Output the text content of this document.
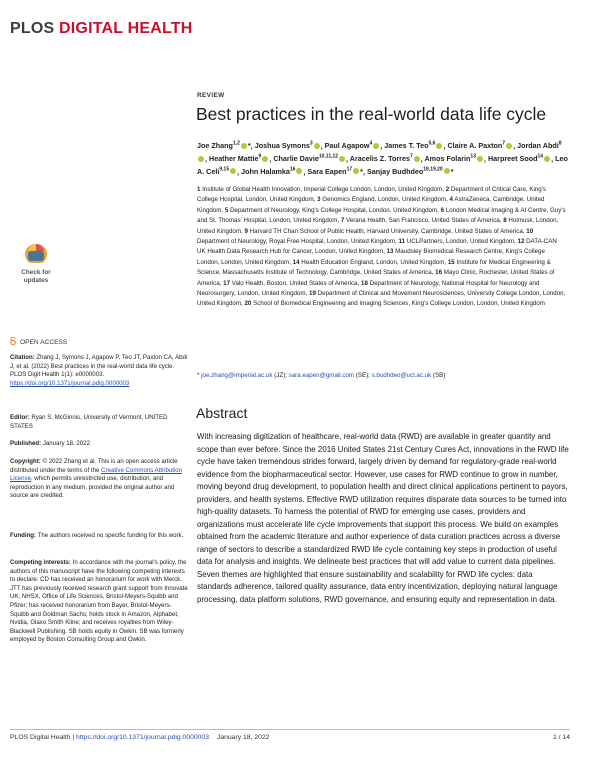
PLOS DIGITAL HEALTH
REVIEW
Best practices in the real-world data life cycle
Joe Zhang$^{1,2}$ *, Joshua Symons$^3$ , Paul Agapow$^4$ , James T. Teo$^{5,6}$ , Claire A. Paxton$^7$ , Jordan Abdi$^8$, Heather Mattie$^9$ , Charlie Davie$^{10,11,12}$ , Aracelis Z. Torres$^7$ , Amos Folarin$^{13}$ , Harpreet Sood$^{14}$ , Leo A. Celi$^{9,15}$ , John Halamka$^{16}$ , Sara Eapen$^{17}$ *, Sanjay Budhdeo$^{18,19,20}$ *
1 Institute of Global Health Innovation, Imperial College London, London, United Kingdom, 2 Department of Critical Care, King's College Hospital, London, United Kingdom, 3 Genomics England, London, United Kingdom, 4 AstraZeneca, Cambridge, United Kingdom, 5 Department of Neurology, King's College Hospital, London, United Kingdom, 6 London Medical Imaging & AI Centre, Guy's and St. Thomas' Hospital, London, United Kingdom, 7 Verana Health, San Francisco, United States of America, 8 Holmusk, London, United Kingdom, 9 Harvard TH Chan School of Public Health, Harvard University, Cambridge, United States of America, 10 Department of Neurology, Royal Free Hospital, London, United Kingdom, 11 UCLPartners, London, United Kingdom, 12 DATA-CAN UK Health Data Research Hub for Cancer, London, United Kingdom, 13 Maudsley Biomedical Research Centre, King's College London, London, United Kingdom, 14 Health Education England, London, United Kingdom, 15 Institute for Medical Engineering & Science, Massachusetts Institute of Technology, Cambridge, United States of America, 16 Mayo Clinic, Rochester, United States of America, 17 Valo Health, Boston, United States of America, 18 Department of Neurology, National Hospital for Neurology and Neurosurgery, London, United Kingdom, 19 Department of Clinical and Movement Neurosciences, University College London, London, United Kingdom, 20 School of Biomedical Engineering and Imaging Sciences, King's College London, London, United Kingdom
* joe.zhang@imperial.ac.uk (JZ); sara.eapen@gmail.com (SE); s.budhdeo@ucl.ac.uk (SB)
Abstract
With increasing digitization of healthcare, real-world data (RWD) are available in greater quantity and scope than ever before. Since the 2016 United States 21st Century Cures Act, innovations in the RWD life cycle have taken tremendous strides forward, largely driven by demand for regulatory-grade real-world evidence from the biopharmaceutical sector. However, use cases for RWD continue to grow in number, moving beyond drug development, to population health and direct clinical applications pertinent to payors, providers, and health systems. Effective RWD utilization requires disparate data sources to be turned into high-quality datasets. To harness the potential of RWD for emerging use cases, providers and organizations must accelerate life cycle improvements that support this process. We build on examples obtained from the academic literature and author experience of data curation practices across a diverse range of sectors to describe a standardized RWD life cycle containing key steps in production of useful data for analysis and insights. We delineate best practices that will add value to current data pipelines. Seven themes are highlighted that ensure sustainability and scalability for RWD life cycles: data standards adherence, tailored quality assurance, data entry incentivization, deploying natural language processing, data platform solutions, RWD governance, and ensuring equity and representation in data.
Check for
updates
OPEN ACCESS
Citation: Zhang J, Symons J, Agapow P, Teo JT, Paxton CA, Abdi J, et al. (2022) Best practices in the real-world data life cycle. PLOS Digit Health 1(1): e0000003. https://doi.org/10.1371/journal.pdig.0000003
Editor: Ryan S. McGinnis, University of Vermont, UNITED STATES
Published: January 18, 2022
Copyright: © 2022 Zhang et al. This is an open access article distributed under the terms of the Creative Commons Attribution License, which permits unrestricted use, distribution, and reproduction in any medium, provided the original author and source are credited.
Funding: The authors received no specific funding for this work.
Competing interests: In accordance with the journal's policy, the authors of this manuscript have the following competing interests to declare: CD has received an honorarium for work with Merck. JTT has previously received research grant support from Innovate UK, NHSX, Office of Life Sciences, Bristol-Meyers-Squibb and Pfizer; has received honorarium from Bayer, Bristol-Meyers-Squibb and Goldman Sachs; holds stock in Amazon, Alphabet, Nvidia, Glaxo Smith Kline; and receives royalties from Wiley-Blackwell Publishing. SB holds equity in Owkin. SB was formerly employed by Boston Consulting Group and Owkin.
PLOS Digital Health | https://doi.org/10.1371/journal.pdig.0000003 January 18, 2022	1 / 14
